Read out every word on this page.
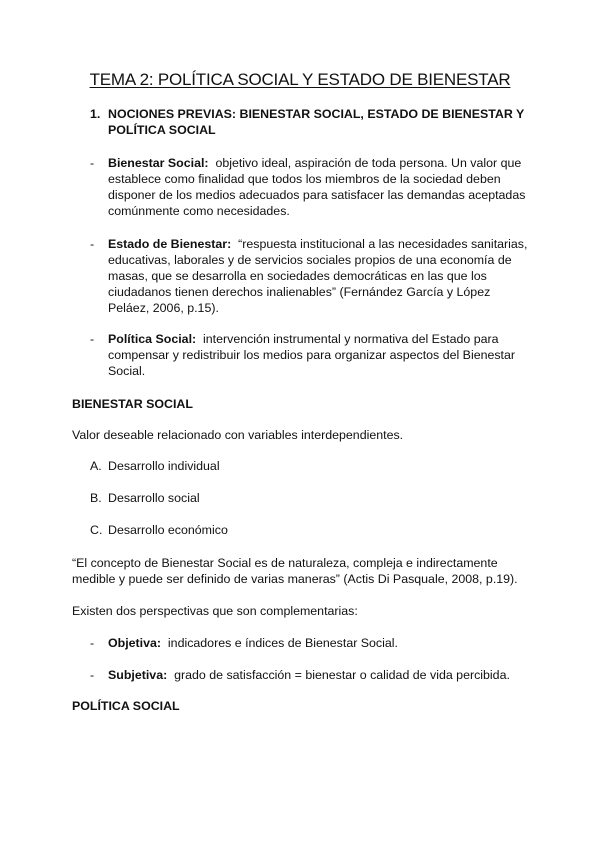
TEMA 2: POLÍTICA SOCIAL Y ESTADO DE BIENESTAR
1. NOCIONES PREVIAS: BIENESTAR SOCIAL, ESTADO DE BIENESTAR Y POLÍTICA SOCIAL
- Bienestar Social: objetivo ideal, aspiración de toda persona. Un valor que establece como finalidad que todos los miembros de la sociedad deben disponer de los medios adecuados para satisfacer las demandas aceptadas comúnmente como necesidades.
- Estado de Bienestar: “respuesta institucional a las necesidades sanitarias, educativas, laborales y de servicios sociales propios de una economía de masas, que se desarrolla en sociedades democráticas en las que los ciudadanos tienen derechos inalienables” (Fernández García y López Peláez, 2006, p.15).
- Política Social: intervención instrumental y normativa del Estado para compensar y redistribuir los medios para organizar aspectos del Bienestar Social.
BIENESTAR SOCIAL
Valor deseable relacionado con variables interdependientes.
A. Desarrollo individual
B. Desarrollo social
C. Desarrollo económico
“El concepto de Bienestar Social es de naturaleza, compleja e indirectamente medible y puede ser definido de varias maneras” (Actis Di Pasquale, 2008, p.19).
Existen dos perspectivas que son complementarias:
- Objetiva: indicadores e índices de Bienestar Social.
- Subjetiva: grado de satisfacción = bienestar o calidad de vida percibida.
POLÍTICA SOCIAL
